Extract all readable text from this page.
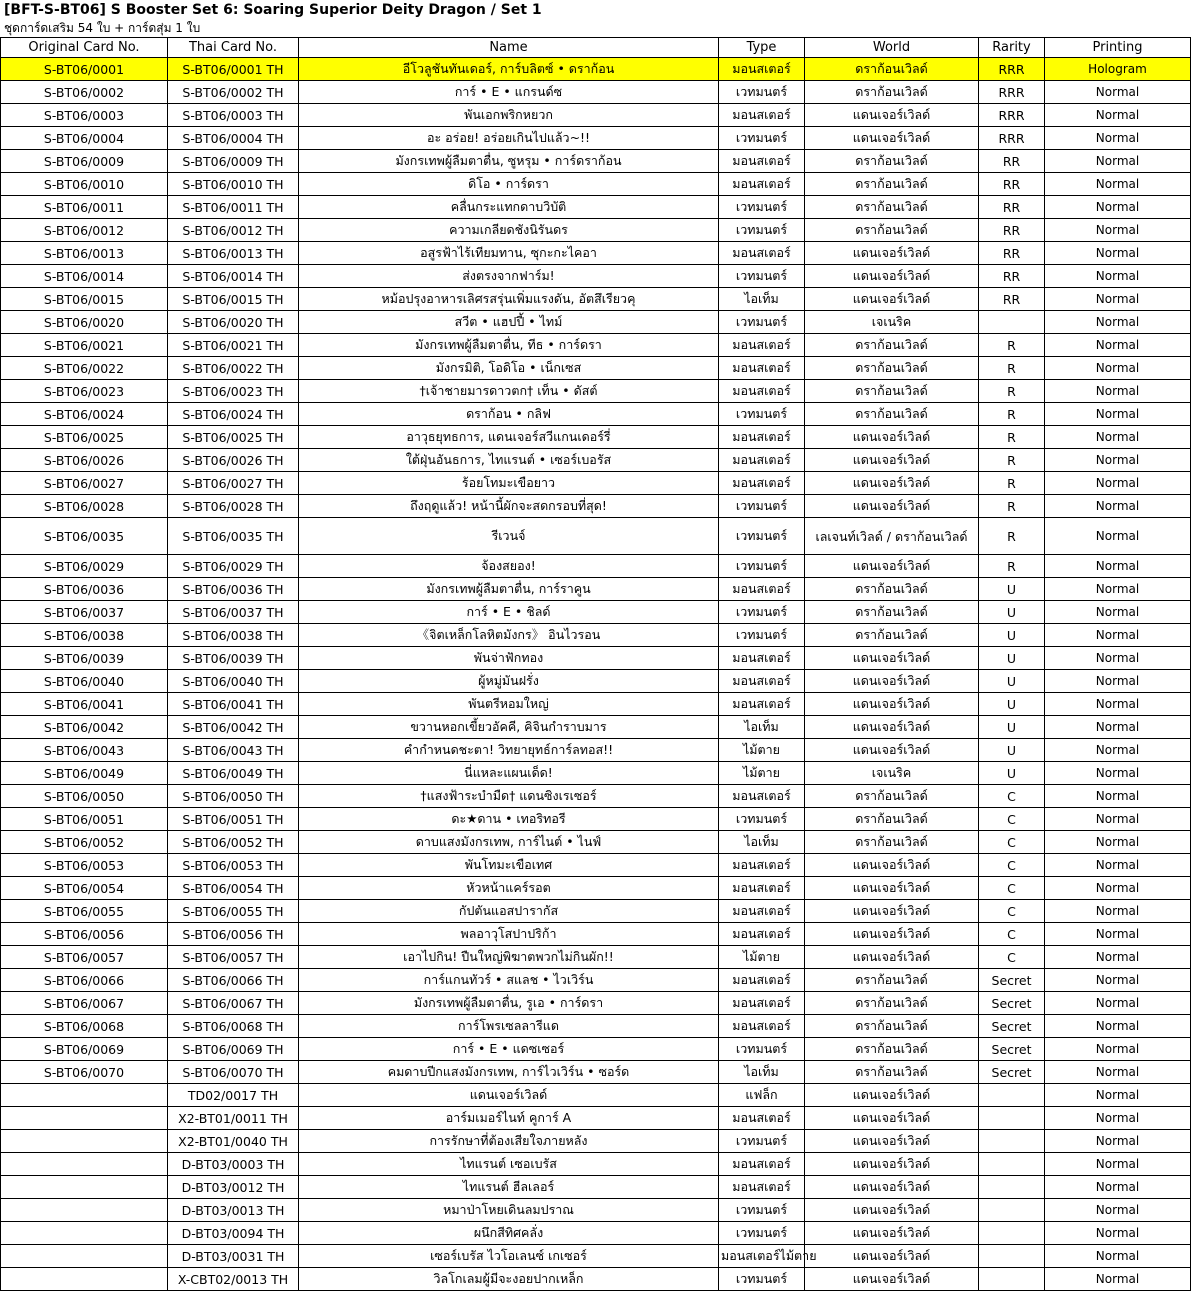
[BFT-S-BT06] S Booster Set 6: Soaring Superior Deity Dragon / Set 1
ชุดการ์ดเสริม 54 ใบ + การ์ดสุ่ม 1 ใบ
Original Card No.	Thai Card No.	Name	Type	World	Rarity	Printing
S-BT06/0001	S-BT06/0001 TH	อีโวลูชันทันเดอร์, การ์บลิตซ์ • ดราก้อน	มอนสเตอร์	ดราก้อนเวิลด์	RRR	Hologram
S-BT06/0002	S-BT06/0002 TH	การ์ • E • แกรนด์ซ	เวทมนตร์	ดราก้อนเวิลด์	RRR	Normal
S-BT06/0003	S-BT06/0003 TH	พันเอกพริกหยวก	มอนสเตอร์	แดนเจอร์เวิลด์	RRR	Normal
S-BT06/0004	S-BT06/0004 TH	อะ อร่อย! อร่อยเกินไปแล้ว~!!	เวทมนตร์	แดนเจอร์เวิลด์	RRR	Normal
S-BT06/0009	S-BT06/0009 TH	มังกรเทพผู้ลืมตาตื่น, ซูหรุม • การ์ดราก้อน	มอนสเตอร์	ดราก้อนเวิลด์	RR	Normal
S-BT06/0010	S-BT06/0010 TH	ดิโอ • การ์ดรา	มอนสเตอร์	ดราก้อนเวิลด์	RR	Normal
S-BT06/0011	S-BT06/0011 TH	คลื่นกระแทกดาบวิบัติ	เวทมนตร์	ดราก้อนเวิลด์	RR	Normal
S-BT06/0012	S-BT06/0012 TH	ความเกลียดชังนิรันดร	เวทมนตร์	ดราก้อนเวิลด์	RR	Normal
S-BT06/0013	S-BT06/0013 TH	อสูรฟ้าไร้เทียมทาน, ซุกะกะไคอา	มอนสเตอร์	แดนเจอร์เวิลด์	RR	Normal
S-BT06/0014	S-BT06/0014 TH	ส่งตรงจากฟาร์ม!	เวทมนตร์	แดนเจอร์เวิลด์	RR	Normal
S-BT06/0015	S-BT06/0015 TH	หม้อปรุงอาหารเลิศรสรุ่นเพิ่มแรงดัน, อัตสึเรียวคุ	ไอเท็ม	แดนเจอร์เวิลด์	RR	Normal
S-BT06/0020	S-BT06/0020 TH	สวีต • แฮปปี้ • ไทม์	เวทมนตร์	เจเนริค		Normal
S-BT06/0021	S-BT06/0021 TH	มังกรเทพผู้ลืมตาตื่น, ทีธ • การ์ดรา	มอนสเตอร์	ดราก้อนเวิลด์	R	Normal
S-BT06/0022	S-BT06/0022 TH	มังกรมิติ, โอดิโอ • เน็กเซส	มอนสเตอร์	ดราก้อนเวิลด์	R	Normal
S-BT06/0023	S-BT06/0023 TH	†เจ้าชายมารดาวตก† เท็น • ดัสต์	มอนสเตอร์	ดราก้อนเวิลด์	R	Normal
S-BT06/0024	S-BT06/0024 TH	ดราก้อน • กลิฟ	เวทมนตร์	ดราก้อนเวิลด์	R	Normal
S-BT06/0025	S-BT06/0025 TH	อาวุธยุทธการ, แดนเจอร์สวีแกนเดอร์รี่	มอนสเตอร์	แดนเจอร์เวิลด์	R	Normal
S-BT06/0026	S-BT06/0026 TH	ใต้ฝุ่นอันธการ, ไทแรนต์ • เซอร์เบอรัส	มอนสเตอร์	แดนเจอร์เวิลด์	R	Normal
S-BT06/0027	S-BT06/0027 TH	ร้อยโทมะเขือยาว	มอนสเตอร์	แดนเจอร์เวิลด์	R	Normal
S-BT06/0028	S-BT06/0028 TH	ถึงฤดูแล้ว! หน้านี้ผักจะสดกรอบที่สุด!	เวทมนตร์	แดนเจอร์เวิลด์	R	Normal
S-BT06/0035	S-BT06/0035 TH	รีเวนจ์	เวทมนตร์	เลเจนท์เวิลด์ / ดราก้อนเวิลด์	R	Normal
S-BT06/0029	S-BT06/0029 TH	จ้องสยอง!	เวทมนตร์	แดนเจอร์เวิลด์	R	Normal
S-BT06/0036	S-BT06/0036 TH	มังกรเทพผู้ลืมตาตื่น, การ์ราคูน	มอนสเตอร์	ดราก้อนเวิลด์	U	Normal
S-BT06/0037	S-BT06/0037 TH	การ์ • E • ชิลด์	เวทมนตร์	ดราก้อนเวิลด์	U	Normal
S-BT06/0038	S-BT06/0038 TH	《จิตเหล็กโลหิตมังกร》 อินไวรอน	เวทมนตร์	ดราก้อนเวิลด์	U	Normal
S-BT06/0039	S-BT06/0039 TH	พันจ่าฟักทอง	มอนสเตอร์	แดนเจอร์เวิลด์	U	Normal
S-BT06/0040	S-BT06/0040 TH	ผู้หมู่มันฝรั่ง	มอนสเตอร์	แดนเจอร์เวิลด์	U	Normal
S-BT06/0041	S-BT06/0041 TH	พันตรีหอมใหญ่	มอนสเตอร์	แดนเจอร์เวิลด์	U	Normal
S-BT06/0042	S-BT06/0042 TH	ขวานหอกเขี้ยวอัคคี, คิจินกำราบมาร	ไอเท็ม	แดนเจอร์เวิลด์	U	Normal
S-BT06/0043	S-BT06/0043 TH	คำกำหนดชะตา! วิทยายุทธ์การ์ลทอส!!	ไม้ตาย	แดนเจอร์เวิลด์	U	Normal
S-BT06/0049	S-BT06/0049 TH	นี่แหละแผนเด็ด!	ไม้ตาย	เจเนริค	U	Normal
S-BT06/0050	S-BT06/0050 TH	†แสงฟ้าระบำมืด† แดนซิงเรเซอร์	มอนสเตอร์	ดราก้อนเวิลด์	C	Normal
S-BT06/0051	S-BT06/0051 TH	ดะ★ดาน • เทอริทอรี	เวทมนตร์	ดราก้อนเวิลด์	C	Normal
S-BT06/0052	S-BT06/0052 TH	ดาบแสงมังกรเทพ, การ์ไนต์ • ไนฟ์	ไอเท็ม	ดราก้อนเวิลด์	C	Normal
S-BT06/0053	S-BT06/0053 TH	พันโทมะเขือเทศ	มอนสเตอร์	แดนเจอร์เวิลด์	C	Normal
S-BT06/0054	S-BT06/0054 TH	หัวหน้าแคร์รอต	มอนสเตอร์	แดนเจอร์เวิลด์	C	Normal
S-BT06/0055	S-BT06/0055 TH	กัปตันแอสปารากัส	มอนสเตอร์	แดนเจอร์เวิลด์	C	Normal
S-BT06/0056	S-BT06/0056 TH	พลอาวุโสปาปริก้า	มอนสเตอร์	แดนเจอร์เวิลด์	C	Normal
S-BT06/0057	S-BT06/0057 TH	เอาไปกิน! ปืนใหญ่พิฆาตพวกไม่กินผัก!!	ไม้ตาย	แดนเจอร์เวิลด์	C	Normal
S-BT06/0066	S-BT06/0066 TH	การ์แกนทัวร์ • สแลช • ไวเวิร์น	มอนสเตอร์	ดราก้อนเวิลด์	Secret	Normal
S-BT06/0067	S-BT06/0067 TH	มังกรเทพผู้ลืมตาตื่น, รูเอ • การ์ดรา	มอนสเตอร์	ดราก้อนเวิลด์	Secret	Normal
S-BT06/0068	S-BT06/0068 TH	การ์โพรเซลลารีแด	มอนสเตอร์	ดราก้อนเวิลด์	Secret	Normal
S-BT06/0069	S-BT06/0069 TH	การ์ • E • แดซเซอร์	เวทมนตร์	ดราก้อนเวิลด์	Secret	Normal
S-BT06/0070	S-BT06/0070 TH	คมดาบปีกแสงมังกรเทพ, การ์ไวเวิร์น • ซอร์ด	ไอเท็ม	ดราก้อนเวิลด์	Secret	Normal
	TD02/0017 TH	แดนเจอร์เวิลด์	แฟล็ก	แดนเจอร์เวิลด์		Normal
	X2-BT01/0011 TH	อาร์มเมอร์ไนท์ คูการ์ A	มอนสเตอร์	แดนเจอร์เวิลด์		Normal
	X2-BT01/0040 TH	การรักษาที่ต้องเสียใจภายหลัง	เวทมนตร์	แดนเจอร์เวิลด์		Normal
	D-BT03/0003 TH	ไทแรนต์ เซอเบรัส	มอนสเตอร์	แดนเจอร์เวิลด์		Normal
	D-BT03/0012 TH	ไทแรนต์ ฮีลเลอร์	มอนสเตอร์	แดนเจอร์เวิลด์		Normal
	D-BT03/0013 TH	หมาป่าโหยเดินลมปราณ	เวทมนตร์	แดนเจอร์เวิลด์		Normal
	D-BT03/0094 TH	ผนึกสีทิศคลั่ง	เวทมนตร์	แดนเจอร์เวิลด์		Normal
	D-BT03/0031 TH	เซอร์เบรัส ไวโอเลนซ์ เกเซอร์	มอนสเตอร์ไม้ตาย	แดนเจอร์เวิลด์		Normal
	X-CBT02/0013 TH	วิลโกเลมผู้มีจะงอยปากเหล็ก	เวทมนตร์	แดนเจอร์เวิลด์		Normal
